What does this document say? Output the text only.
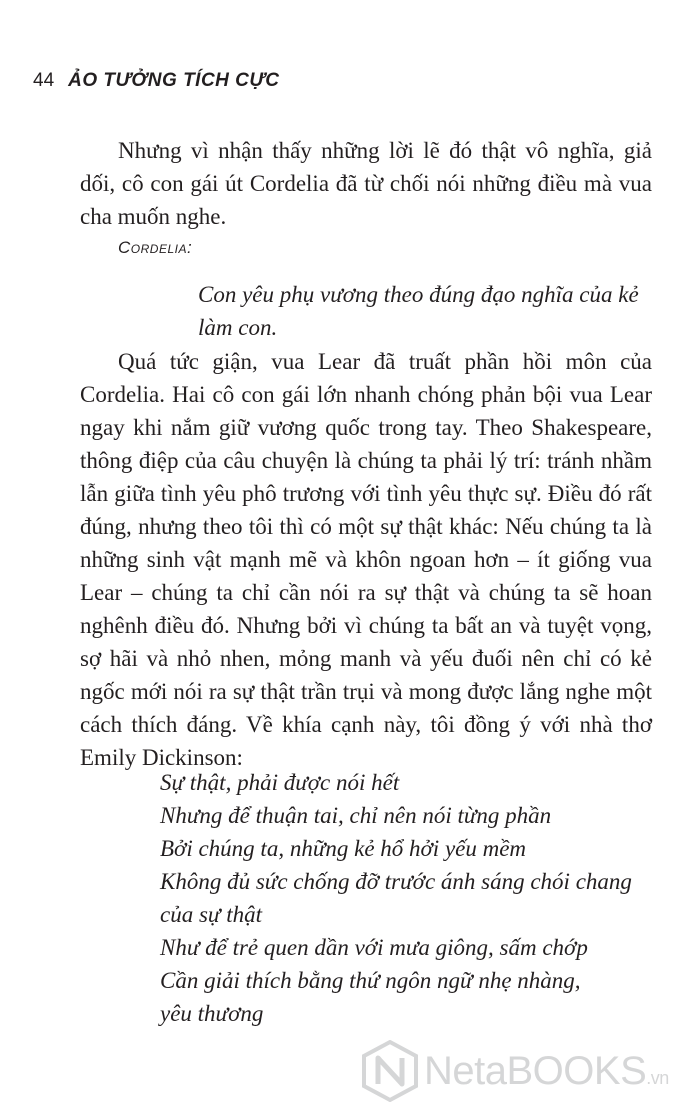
44 ẢO TƯỞNG TÍCH CỰC

Nhưng vì nhận thấy những lời lẽ đó thật vô nghĩa, giả dối, cô con gái út Cordelia đã từ chối nói những điều mà vua cha muốn nghe.

Cordelia:

Con yêu phụ vương theo đúng đạo nghĩa của kẻ làm con.

Quá tức giận, vua Lear đã truất phần hồi môn của Cordelia. Hai cô con gái lớn nhanh chóng phản bội vua Lear ngay khi nắm giữ vương quốc trong tay. Theo Shakespeare, thông điệp của câu chuyện là chúng ta phải lý trí: tránh nhầm lẫn giữa tình yêu phô trương với tình yêu thực sự. Điều đó rất đúng, nhưng theo tôi thì có một sự thật khác: Nếu chúng ta là những sinh vật mạnh mẽ và khôn ngoan hơn – ít giống vua Lear – chúng ta chỉ cần nói ra sự thật và chúng ta sẽ hoan nghênh điều đó. Nhưng bởi vì chúng ta bất an và tuyệt vọng, sợ hãi và nhỏ nhen, mỏng manh và yếu đuối nên chỉ có kẻ ngốc mới nói ra sự thật trần trụi và mong được lắng nghe một cách thích đáng. Về khía cạnh này, tôi đồng ý với nhà thơ Emily Dickinson:

Sự thật, phải được nói hết
Nhưng để thuận tai, chỉ nên nói từng phần
Bởi chúng ta, những kẻ hổ hởi yếu mềm
Không đủ sức chống đỡ trước ánh sáng chói chang
của sự thật
Như để trẻ quen dần với mưa giông, sấm chớp
Cần giải thích bằng thứ ngôn ngữ nhẹ nhàng,
yêu thương
NetaBOOKS.vn
